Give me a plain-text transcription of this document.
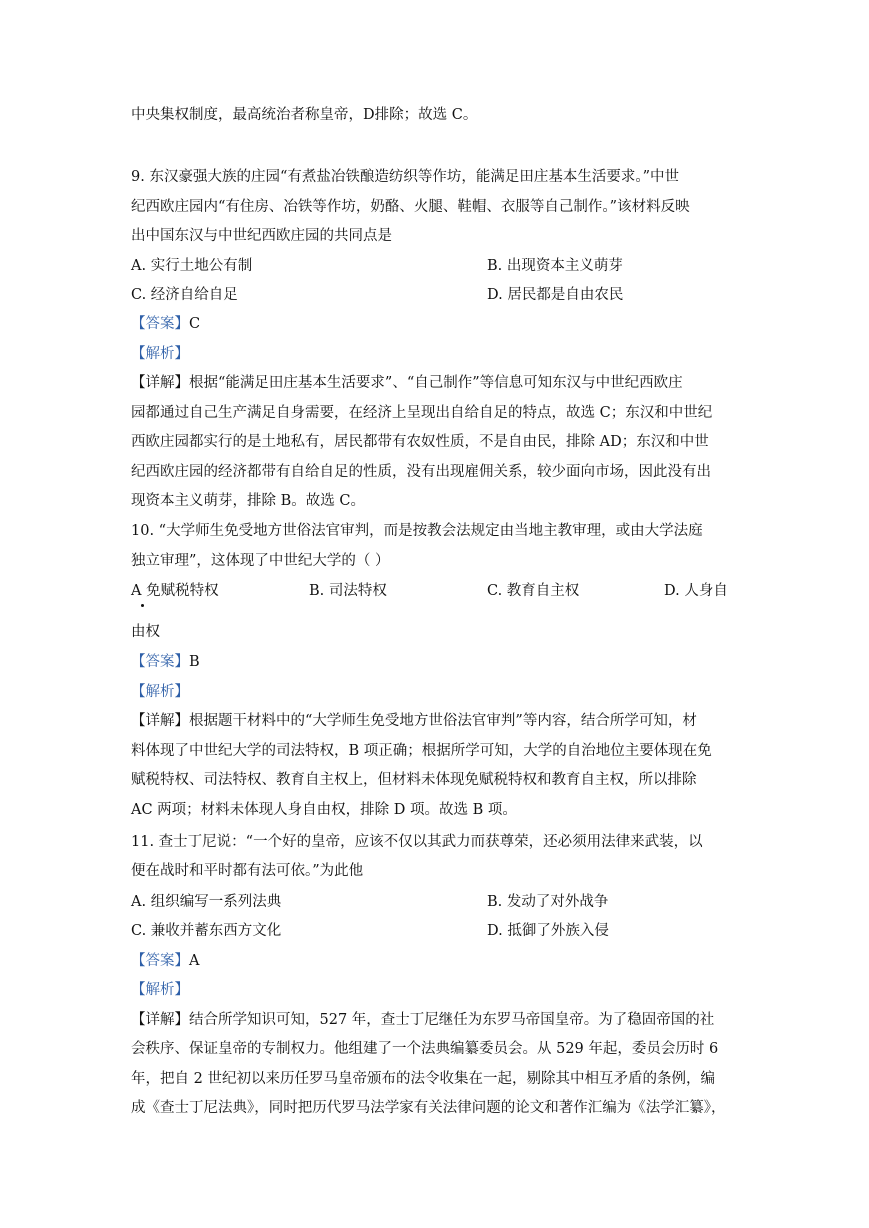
中央集权制度，最高统治者称皇帝，D排除；故选 C。
9. 东汉豪强大族的庄园“有煮盐冶铁酿造纺织等作坊，能满足田庄基本生活要求。”中世
纪西欧庄园内“有住房、冶铁等作坊，奶酪、火腿、鞋帽、衣服等自己制作。”该材料反映
出中国东汉与中世纪西欧庄园的共同点是
A. 实行土地公有制	B. 出现资本主义萌芽
C. 经济自给自足	D. 居民都是自由农民
【答案】C
【解析】
【详解】根据“能满足田庄基本生活要求”、“自己制作”等信息可知东汉与中世纪西欧庄
园都通过自己生产满足自身需要，在经济上呈现出自给自足的特点，故选 C；东汉和中世纪
西欧庄园都实行的是土地私有，居民都带有农奴性质，不是自由民，排除 AD；东汉和中世
纪西欧庄园的经济都带有自给自足的性质，没有出现雇佣关系，较少面向市场，因此没有出
现资本主义萌芽，排除 B。故选 C。
10. “大学师生免受地方世俗法官审判，而是按教会法规定由当地主教审理，或由大学法庭
独立审理”，这体现了中世纪大学的（ ）
A 免赋税特权	B. 司法特权	C. 教育自主权	D. 人身自
由权
【答案】B
【解析】
【详解】根据题干材料中的“大学师生免受地方世俗法官审判”等内容，结合所学可知，材
料体现了中世纪大学的司法特权，B 项正确；根据所学可知，大学的自治地位主要体现在免
赋税特权、司法特权、教育自主权上，但材料未体现免赋税特权和教育自主权，所以排除
AC 两项；材料未体现人身自由权，排除 D 项。故选 B 项。
11. 查士丁尼说：“一个好的皇帝，应该不仅以其武力而获尊荣，还必须用法律来武装，以
便在战时和平时都有法可依。”为此他
A. 组织编写一系列法典	B. 发动了对外战争
C. 兼收并蓄东西方文化	D. 抵御了外族入侵
【答案】A
【解析】
【详解】结合所学知识可知，527 年，查士丁尼继任为东罗马帝国皇帝。为了稳固帝国的社
会秩序、保证皇帝的专制权力。他组建了一个法典编纂委员会。从 529 年起，委员会历时 6
年，把自 2 世纪初以来历任罗马皇帝颁布的法令收集在一起，剔除其中相互矛盾的条例，编
成《查士丁尼法典》，同时把历代罗马法学家有关法律问题的论文和著作汇编为《法学汇纂》，
